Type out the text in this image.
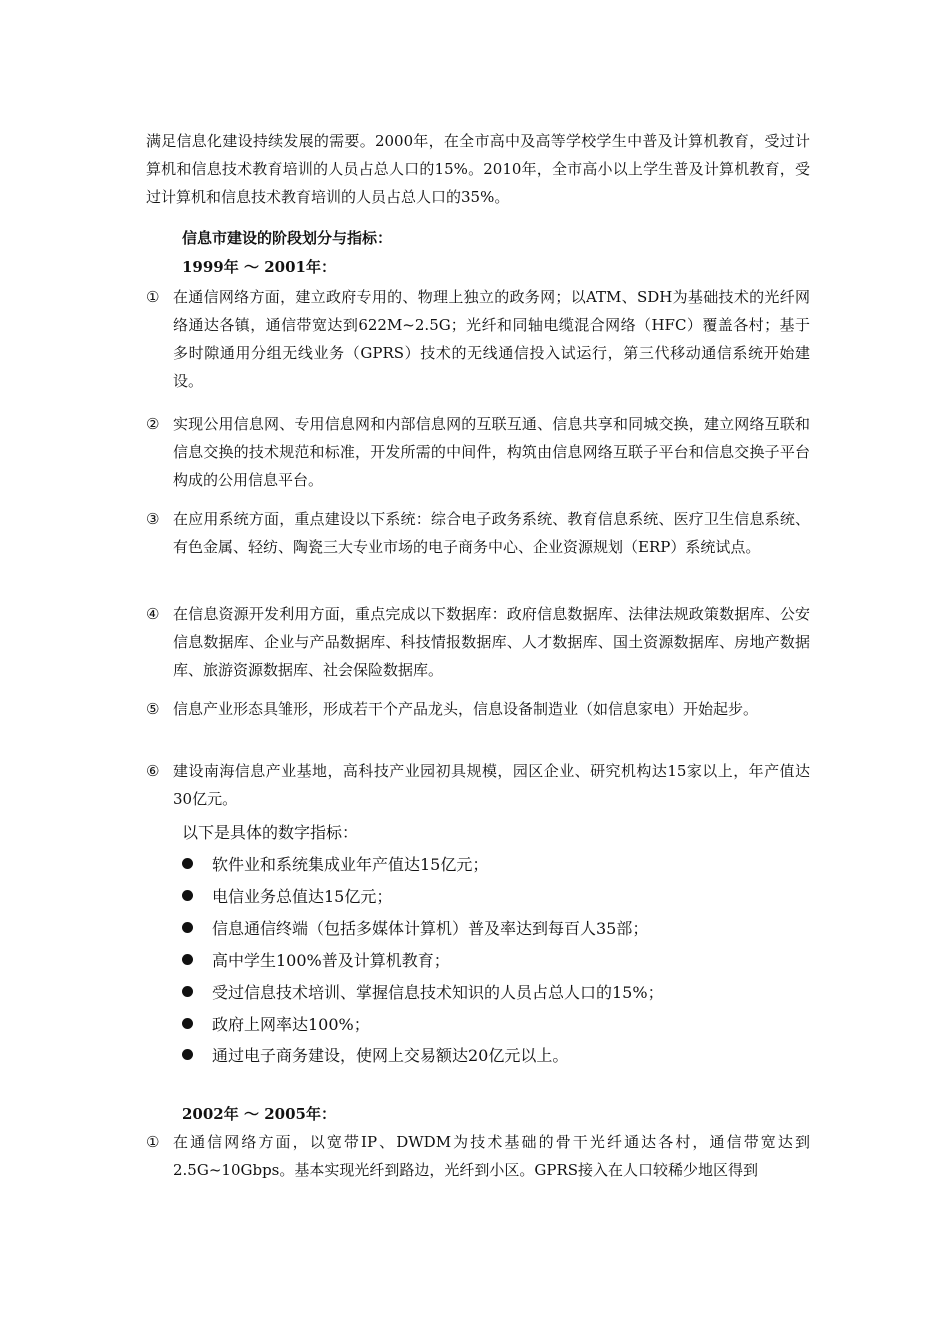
满足信息化建设持续发展的需要。2000年，在全市高中及高等学校学生中普及计算机教育，受过计算机和信息技术教育培训的人员占总人口的15%。2010年，全市高小以上学生普及计算机教育，受过计算机和信息技术教育培训的人员占总人口的35%。
信息市建设的阶段划分与指标：
1999年 ～ 2001年：
① 在通信网络方面，建立政府专用的、物理上独立的政务网；以ATM、SDH为基础技术的光纤网络通达各镇，通信带宽达到622M~2.5G；光纤和同轴电缆混合网络（HFC）覆盖各村；基于多时隙通用分组无线业务（GPRS）技术的无线通信投入试运行，第三代移动通信系统开始建设。
② 实现公用信息网、专用信息网和内部信息网的互联互通、信息共享和同城交换，建立网络互联和信息交换的技术规范和标准，开发所需的中间件，构筑由信息网络互联子平台和信息交换子平台构成的公用信息平台。
③ 在应用系统方面，重点建设以下系统：综合电子政务系统、教育信息系统、医疗卫生信息系统、有色金属、轻纺、陶瓷三大专业市场的电子商务中心、企业资源规划（ERP）系统试点。
④ 在信息资源开发利用方面，重点完成以下数据库：政府信息数据库、法律法规政策数据库、公安信息数据库、企业与产品数据库、科技情报数据库、人才数据库、国土资源数据库、房地产数据库、旅游资源数据库、社会保险数据库。
⑤ 信息产业形态具雏形，形成若干个产品龙头，信息设备制造业（如信息家电）开始起步。
⑥ 建设南海信息产业基地，高科技产业园初具规模，园区企业、研究机构达15家以上，年产值达30亿元。
以下是具体的数字指标：
软件业和系统集成业年产值达15亿元；
电信业务总值达15亿元；
信息通信终端（包括多媒体计算机）普及率达到每百人35部；
高中学生100%普及计算机教育；
受过信息技术培训、掌握信息技术知识的人员占总人口的15%；
政府上网率达100%；
通过电子商务建设，使网上交易额达20亿元以上。
2002年 ～ 2005年：
① 在通信网络方面，以宽带IP、DWDM为技术基础的骨干光纤通达各村，通信带宽达到2.5G~10Gbps。基本实现光纤到路边，光纤到小区。GPRS接入在人口较稀少地区得到
